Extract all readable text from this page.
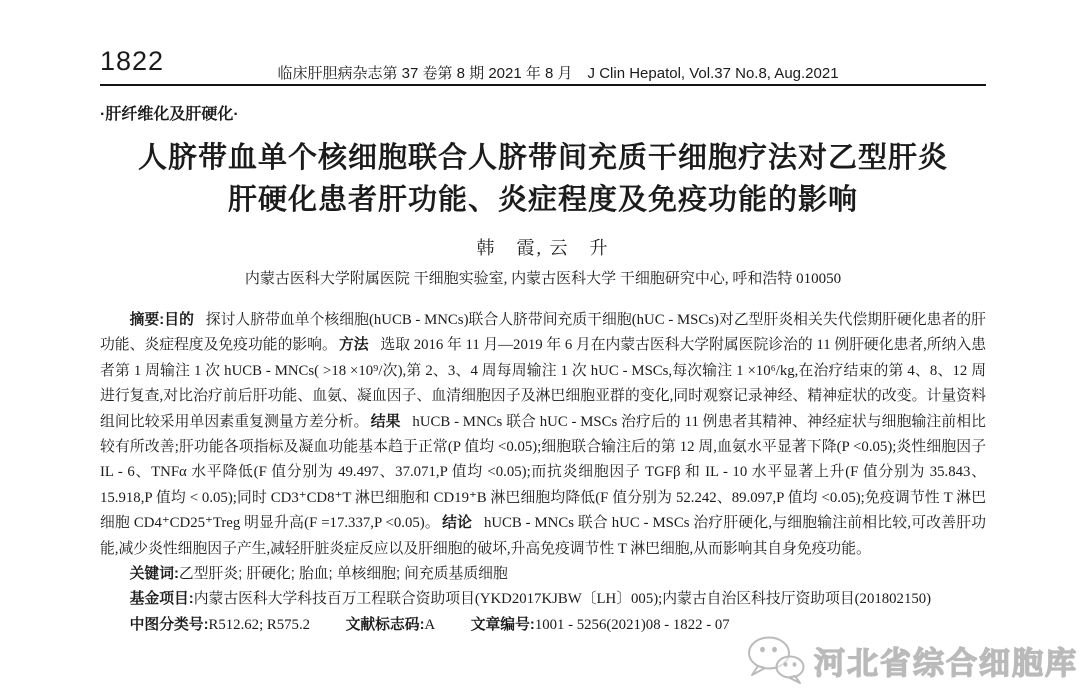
1822	临床肝胆病杂志第 37 卷第 8 期 2021 年 8 月　J Clin Hepatol, Vol.37 No.8, Aug.2021
·肝纤维化及肝硬化·
人脐带血单个核细胞联合人脐带间充质干细胞疗法对乙型肝炎
肝硬化患者肝功能、炎症程度及免疫功能的影响
韩　霞, 云　升
内蒙古医科大学附属医院 干细胞实验室, 内蒙古医科大学 干细胞研究中心, 呼和浩特 010050

摘要:目的 探讨人脐带血单个核细胞(hUCB - MNCs)联合人脐带间充质干细胞(hUC - MSCs)对乙型肝炎相关失代偿期肝硬化患者的肝功能、炎症程度及免疫功能的影响。 方法 选取 2016 年 11 月—2019 年 6 月在内蒙古医科大学附属医院诊治的 11 例肝硬化患者,所纳入患者第 1 周输注 1 次 hUCB - MNCs( >18 ×10⁹/次),第 2、3、4 周每周输注 1 次 hUC - MSCs,每次输注 1 ×10⁶/kg,在治疗结束的第 4、8、12 周进行复查,对比治疗前后肝功能、血氨、凝血因子、血清细胞因子及淋巴细胞亚群的变化,同时观察记录神经、精神症状的改变。计量资料组间比较采用单因素重复测量方差分析。 结果 hUCB - MNCs 联合 hUC - MSCs 治疗后的 11 例患者其精神、神经症状与细胞输注前相比较有所改善;肝功能各项指标及凝血功能基本趋于正常(P 值均 <0.05);细胞联合输注后的第 12 周,血氨水平显著下降(P <0.05);炎性细胞因子 IL - 6、TNFα 水平降低(F 值分别为 49.497、37.071,P 值均 <0.05);而抗炎细胞因子 TGFβ 和 IL - 10 水平显著上升(F 值分别为 35.843、15.918,P 值均 < 0.05);同时 CD3⁺CD8⁺T 淋巴细胞和 CD19⁺B 淋巴细胞均降低(F 值分别为 52.242、89.097,P 值均 <0.05);免疫调节性 T 淋巴细胞 CD4⁺CD25⁺Treg 明显升高(F =17.337,P <0.05)。 结论 hUCB - MNCs 联合 hUC - MSCs 治疗肝硬化,与细胞输注前相比较,可改善肝功能,减少炎性细胞因子产生,减轻肝脏炎症反应以及肝细胞的破坏,升高免疫调节性 T 淋巴细胞,从而影响其自身免疫功能。

关键词:乙型肝炎; 肝硬化; 胎血; 单核细胞; 间充质基质细胞

基金项目:内蒙古医科大学科技百万工程联合资助项目(YKD2017KJBW〔LH〕005);内蒙古自治区科技厅资助项目(201802150)

中图分类号:R512.62; R575.2 文献标志码:A 文章编号:1001 - 5256(2021)08 - 1822 - 07

河北省综合细胞库
